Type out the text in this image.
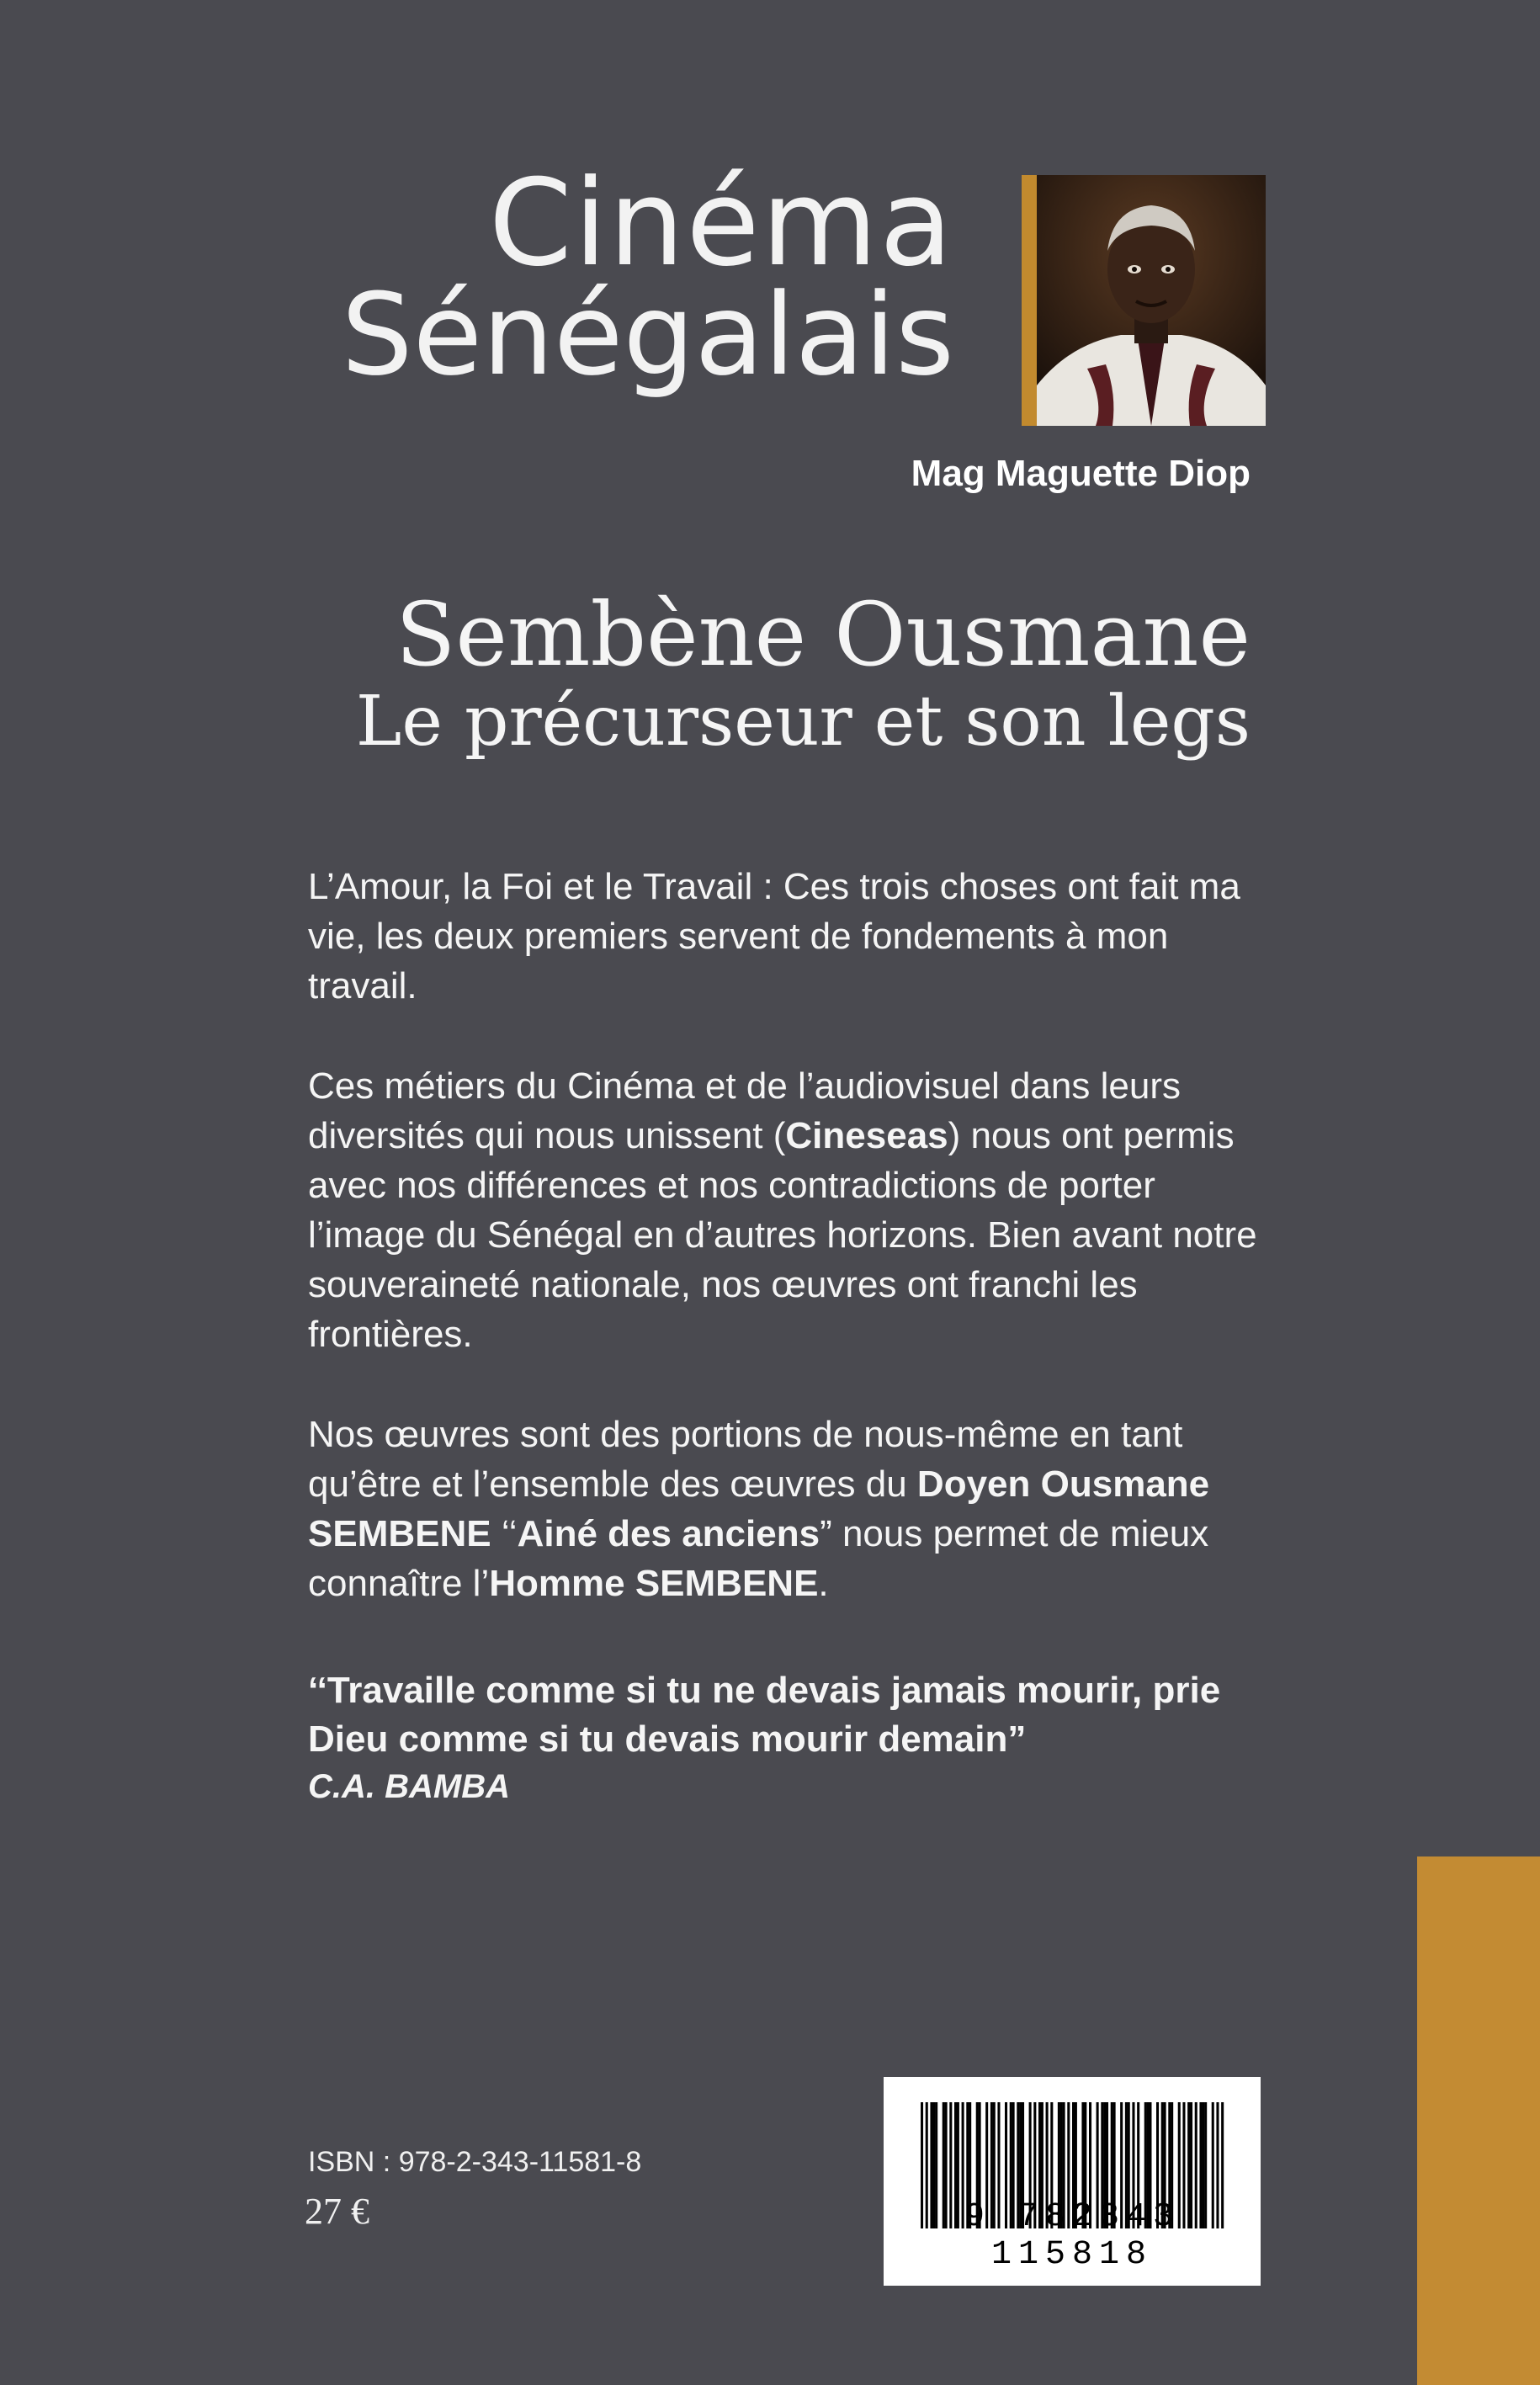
Cinéma
Sénégalais
Mag Maguette Diop
Sembène Ousmane
Le précurseur et son legs

L’Amour, la Foi et le Travail : Ces trois choses ont fait ma vie, les deux premiers servent de fondements à mon travail.

Ces métiers du Cinéma et de l’audiovisuel dans leurs diversités qui nous unissent (Cineseas) nous ont permis avec nos différences et nos contradictions de porter l’image du Sénégal en d’autres horizons. Bien avant notre souveraineté nationale, nos œuvres ont franchi les frontières.

Nos œuvres sont des portions de nous-même en tant qu’être et l’ensemble des œuvres du Doyen Ousmane SEMBENE ‘‘Ainé des anciens” nous permet de mieux connaître l’Homme SEMBENE.

‘‘Travaille comme si tu ne devais jamais mourir, prie Dieu comme si tu devais mourir demain”
C.A. BAMBA
9 782343 115818
ISBN : 978-2-343-11581-8
27 €
